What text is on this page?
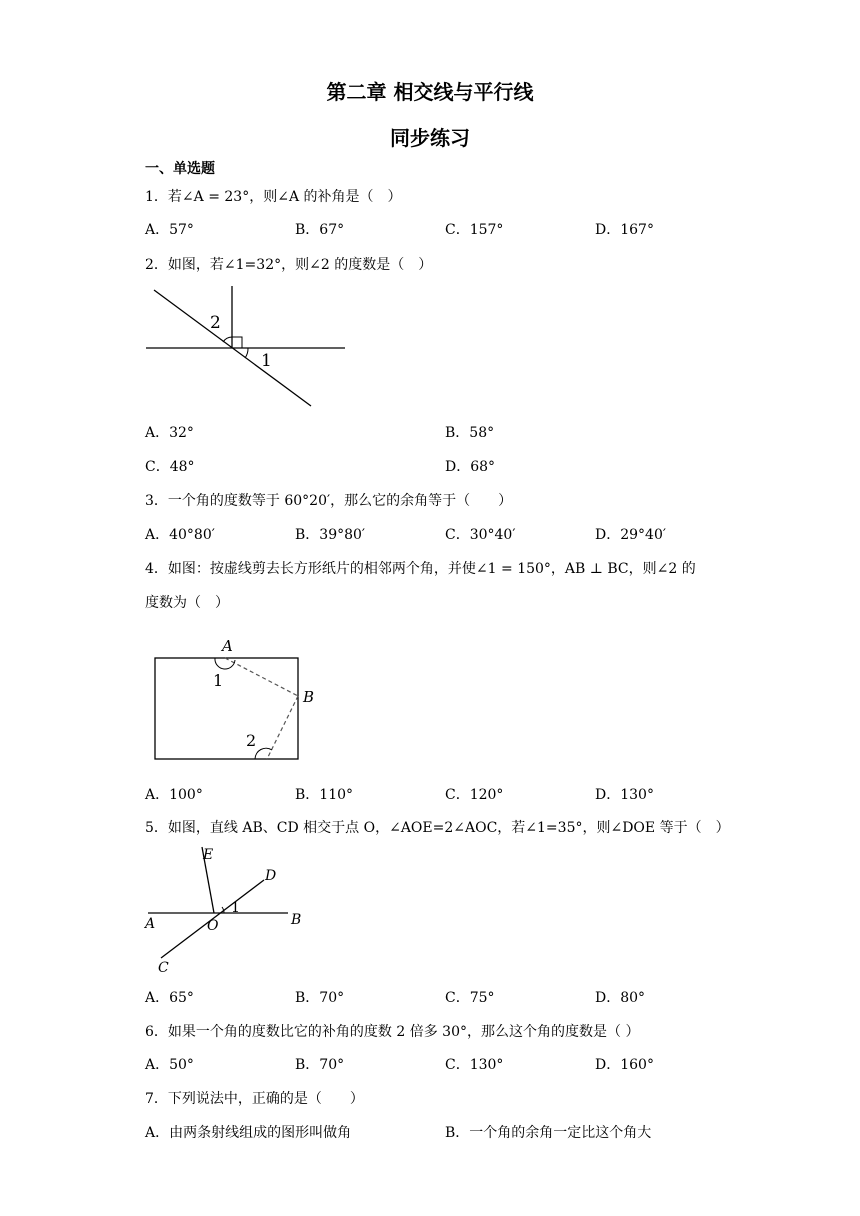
第二章 相交线与平行线
同步练习
一、单选题
1．若∠A = 23°，则∠A 的补角是（　）
A．57°	B．67°	C．157°	D．167°
2．如图，若∠1=32°，则∠2 的度数是（　）
2
1
A．32°	B．58°
C．48°	D．68°
3．一个角的度数等于 60°20′，那么它的余角等于（　　）
A．40°80′	B．39°80′	C．30°40′	D．29°40′
4．如图：按虚线剪去长方形纸片的相邻两个角，并使∠1 = 150°，AB ⊥ BC，则∠2 的
度数为（　）
A
1
B
2
A．100°	B．110°	C．120°	D．130°
5．如图，直线 AB、CD 相交于点 O，∠AOE=2∠AOC，若∠1=35°，则∠DOE 等于（　）
E
D
1
A	O	B
C
A．65°	B．70°	C．75°	D．80°
6．如果一个角的度数比它的补角的度数 2 倍多 30°，那么这个角的度数是（ ）
A．50°	B．70°	C．130°	D．160°
7．下列说法中，正确的是（　　）
A．由两条射线组成的图形叫做角	B．一个角的余角一定比这个角大
